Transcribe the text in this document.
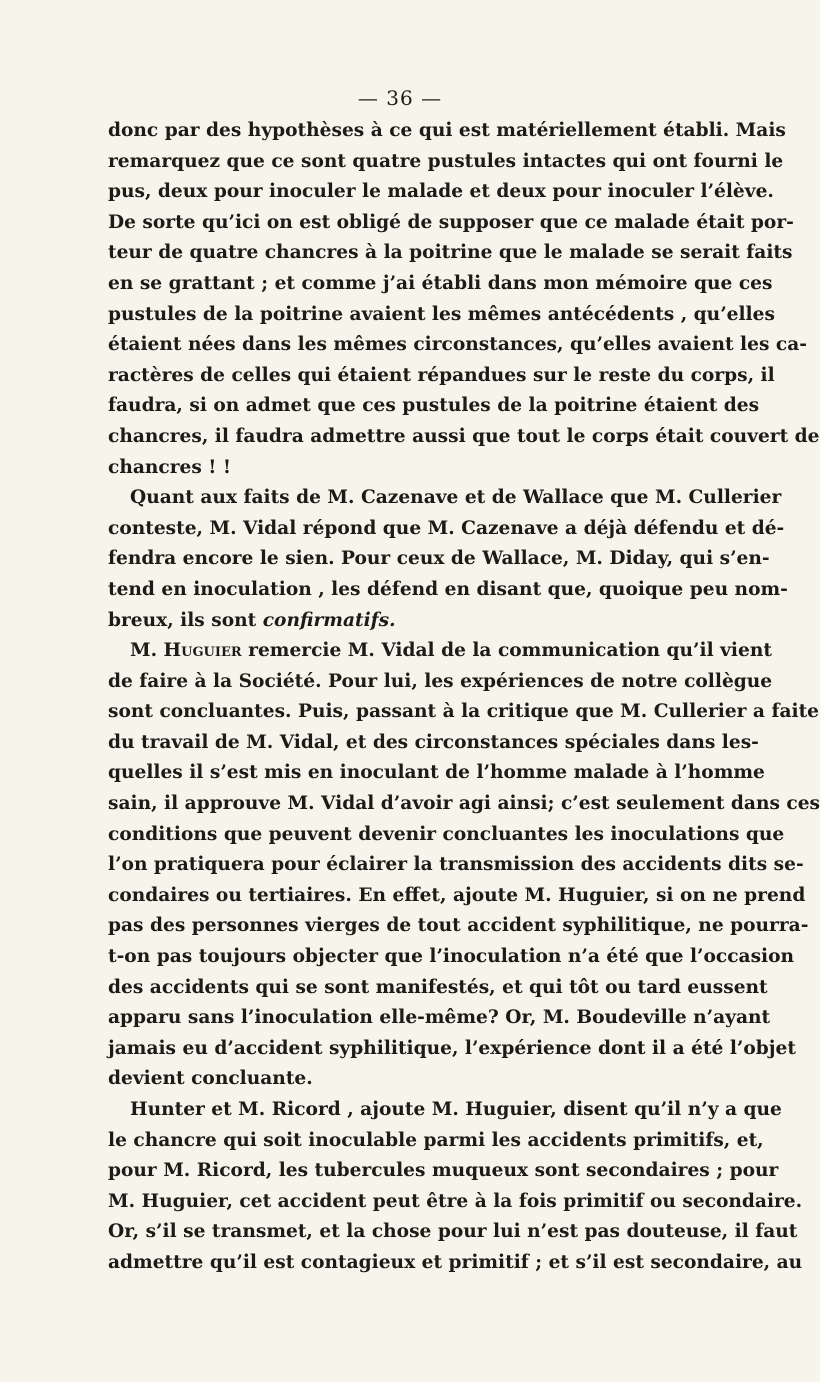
— 36 —
donc par des hypothèses à ce qui est matériellement établi. Mais
remarquez que ce sont quatre pustules intactes qui ont fourni le
pus, deux pour inoculer le malade et deux pour inoculer l’élève.
De sorte qu’ici on est obligé de supposer que ce malade était por-
teur de quatre chancres à la poitrine que le malade se serait faits
en se grattant ; et comme j’ai établi dans mon mémoire que ces
pustules de la poitrine avaient les mêmes antécédents , qu’elles
étaient nées dans les mêmes circonstances, qu’elles avaient les ca-
ractères de celles qui étaient répandues sur le reste du corps, il
faudra, si on admet que ces pustules de la poitrine étaient des
chancres, il faudra admettre aussi que tout le corps était couvert de
chancres ! !
Quant aux faits de M. Cazenave et de Wallace que M. Cullerier
conteste, M. Vidal répond que M. Cazenave a déjà défendu et dé-
fendra encore le sien. Pour ceux de Wallace, M. Diday, qui s’en-
tend en inoculation , les défend en disant que, quoique peu nom-
breux, ils sont confirmatifs.
M. Huguier remercie M. Vidal de la communication qu’il vient
de faire à la Société. Pour lui, les expériences de notre collègue
sont concluantes. Puis, passant à la critique que M. Cullerier a faite
du travail de M. Vidal, et des circonstances spéciales dans les-
quelles il s’est mis en inoculant de l’homme malade à l’homme
sain, il approuve M. Vidal d’avoir agi ainsi; c’est seulement dans ces
conditions que peuvent devenir concluantes les inoculations que
l’on pratiquera pour éclairer la transmission des accidents dits se-
condaires ou tertiaires. En effet, ajoute M. Huguier, si on ne prend
pas des personnes vierges de tout accident syphilitique, ne pourra-
t-on pas toujours objecter que l’inoculation n’a été que l’occasion
des accidents qui se sont manifestés, et qui tôt ou tard eussent
apparu sans l’inoculation elle-même? Or, M. Boudeville n’ayant
jamais eu d’accident syphilitique, l’expérience dont il a été l’objet
devient concluante.
Hunter et M. Ricord , ajoute M. Huguier, disent qu’il n’y a que
le chancre qui soit inoculable parmi les accidents primitifs, et,
pour M. Ricord, les tubercules muqueux sont secondaires ; pour
M. Huguier, cet accident peut être à la fois primitif ou secondaire.
Or, s’il se transmet, et la chose pour lui n’est pas douteuse, il faut
admettre qu’il est contagieux et primitif ; et s’il est secondaire, au
